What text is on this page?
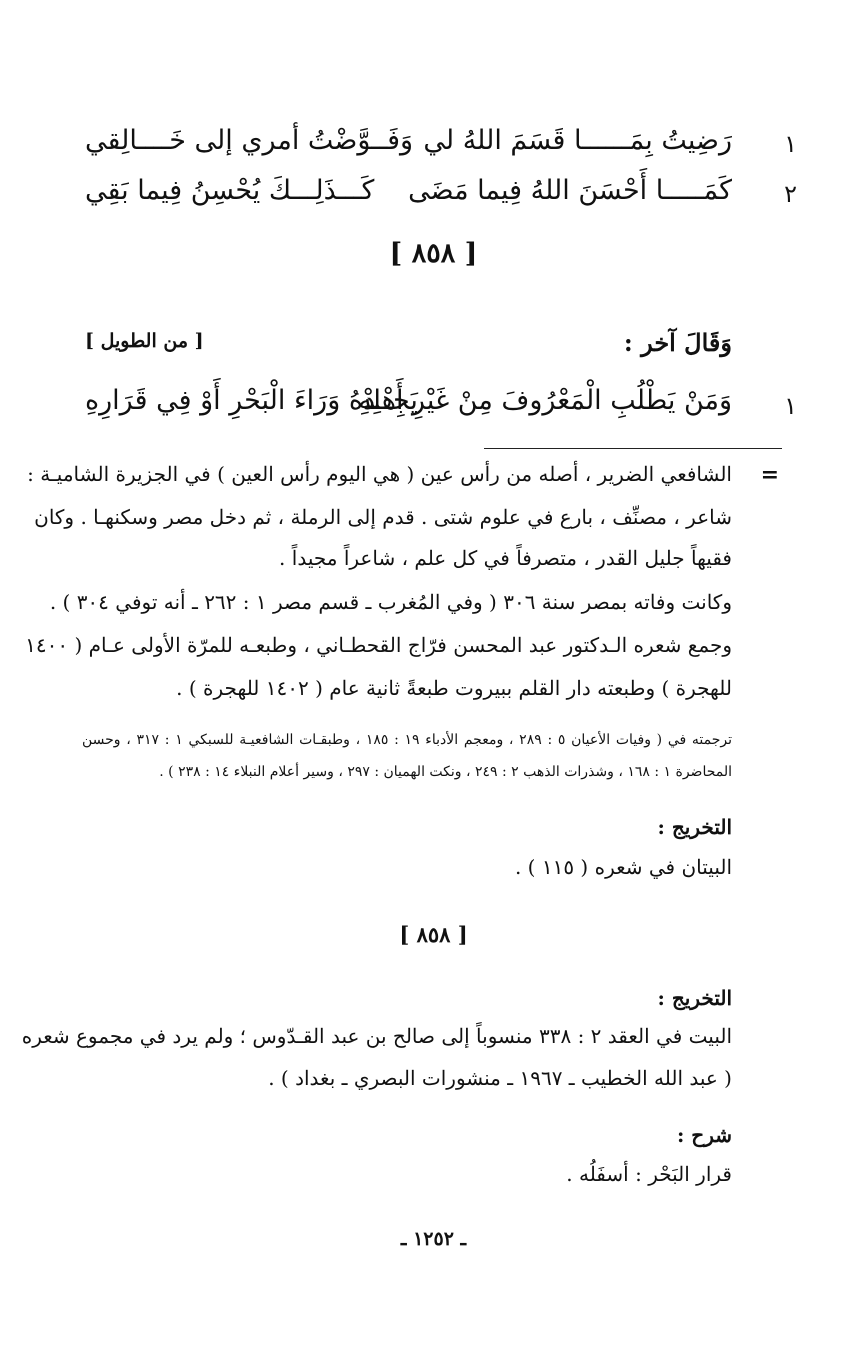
١
رَضِيتُ بِمَــــــا قَسَمَ اللهُ لي
وَفَــوَّضْتُ أمري إلى خَــــالِقي
٢
كَمَـــــا أَحْسَنَ اللهُ فِيما مَضَى
كَـــذَلِـــكَ يُحْسِنُ فِيما بَقِي
[ ٨٥٨ ]
وَقَالَ آخر :
[ من الطويل ]
١
وَمَنْ يَطْلُبِ الْمَعْرُوفَ مِنْ غَيْرِ أَهْلِهِ
يَجِــدْهُ وَرَاءَ الْبَحْرِ أَوْ فِي قَرَارِهِ
=
الشافعي الضرير ، أصله من رأس عين ( هي اليوم رأس العين ) في الجزيرة الشاميـة :
شاعر ، مصنِّف ، بارع في علوم شتى . قدم إلى الرملة ، ثم دخل مصر وسكنهـا . وكان
فقيهاً جليل القدر ، متصرفاً في كل علم ، شاعراً مجيداً .
وكانت وفاته بمصر سنة ٣٠٦ ( وفي المُغرب ـ قسم مصر ١ : ٢٦٢ ـ أنه توفي ٣٠٤ ) .
وجمع شعره الـدكتور عبد المحسن فرّاج القحطـاني ، وطبعـه للمرّة الأولى عـام ( ١٤٠٠
للهجرة ) وطبعته دار القلم ببيروت طبعةً ثانية عام ( ١٤٠٢ للهجرة ) .
ترجمته في ( وفيات الأعيان ٥ : ٢٨٩ ، ومعجم الأدباء ١٩ : ١٨٥ ، وطبقـات الشافعيـة للسبكي ١ : ٣١٧ ، وحسن
المحاضرة ١ : ١٦٨ ، وشذرات الذهب ٢ : ٢٤٩ ، ونكت الهميان : ٢٩٧ ، وسير أعلام النبلاء ١٤ : ٢٣٨ ) .
التخريج :
البيتان في شعره ( ١١٥ ) .
[ ٨٥٨ ]
التخريج :
البيت في العقد ٢ : ٣٣٨ منسوباً إلى صالح بن عبد القـدّوس ؛ ولم يرد في مجموع شعره
( عبد الله الخطيب ـ ١٩٦٧ ـ منشورات البصري ـ بغداد ) .
شرح :
قرار البَحْر : أسفَلُه .
ـ ١٢٥٢ ـ
